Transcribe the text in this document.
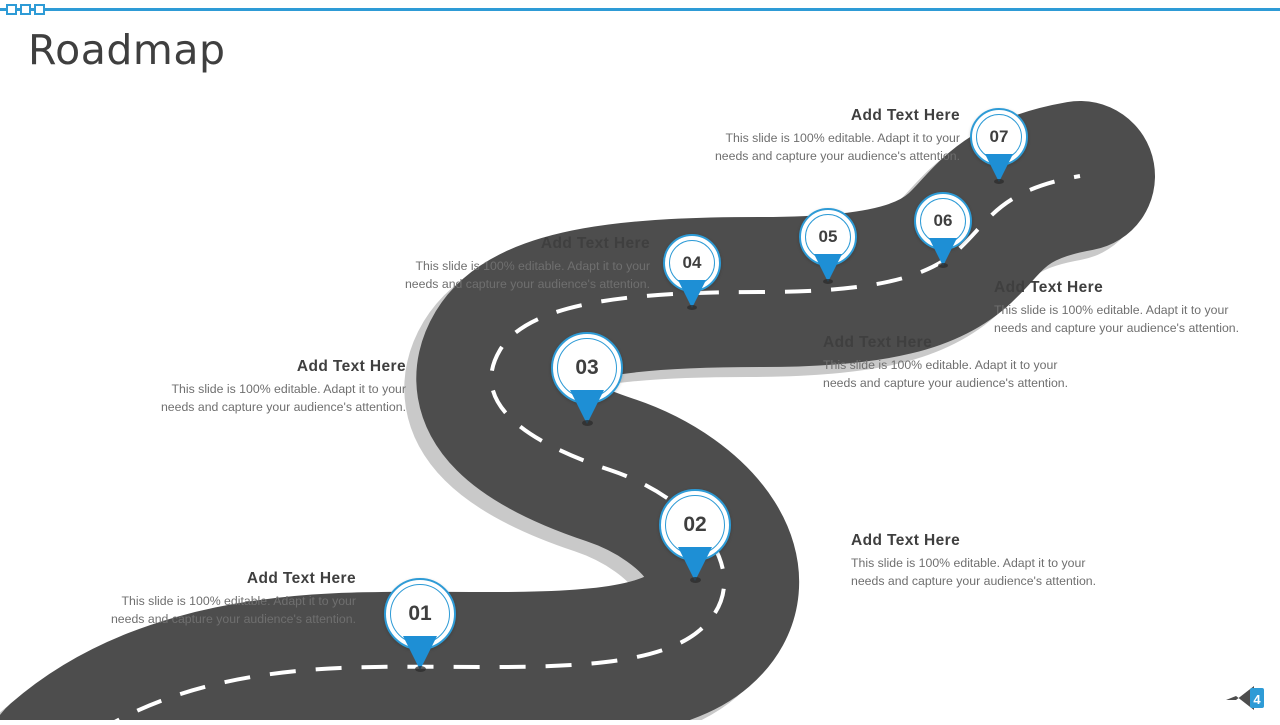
Roadmap
Add Text Here
This slide is 100% editable. Adapt it to your needs and capture your audience's attention.
Add Text Here
This slide is 100% editable. Adapt it to your needs and capture your audience's attention.
Add Text Here
This slide is 100% editable. Adapt it to your needs and capture your audience's attention.
Add Text Here
This slide is 100% editable. Adapt it to your needs and capture your audience's attention.
Add Text Here
This slide is 100% editable. Adapt it to your needs and capture your audience's attention.
Add Text Here
This slide is 100% editable. Adapt it to your needs and capture your audience's attention.
Add Text Here
This slide is 100% editable. Adapt it to your needs and capture your audience's attention.
01
02
03
04
05
06
07
4
